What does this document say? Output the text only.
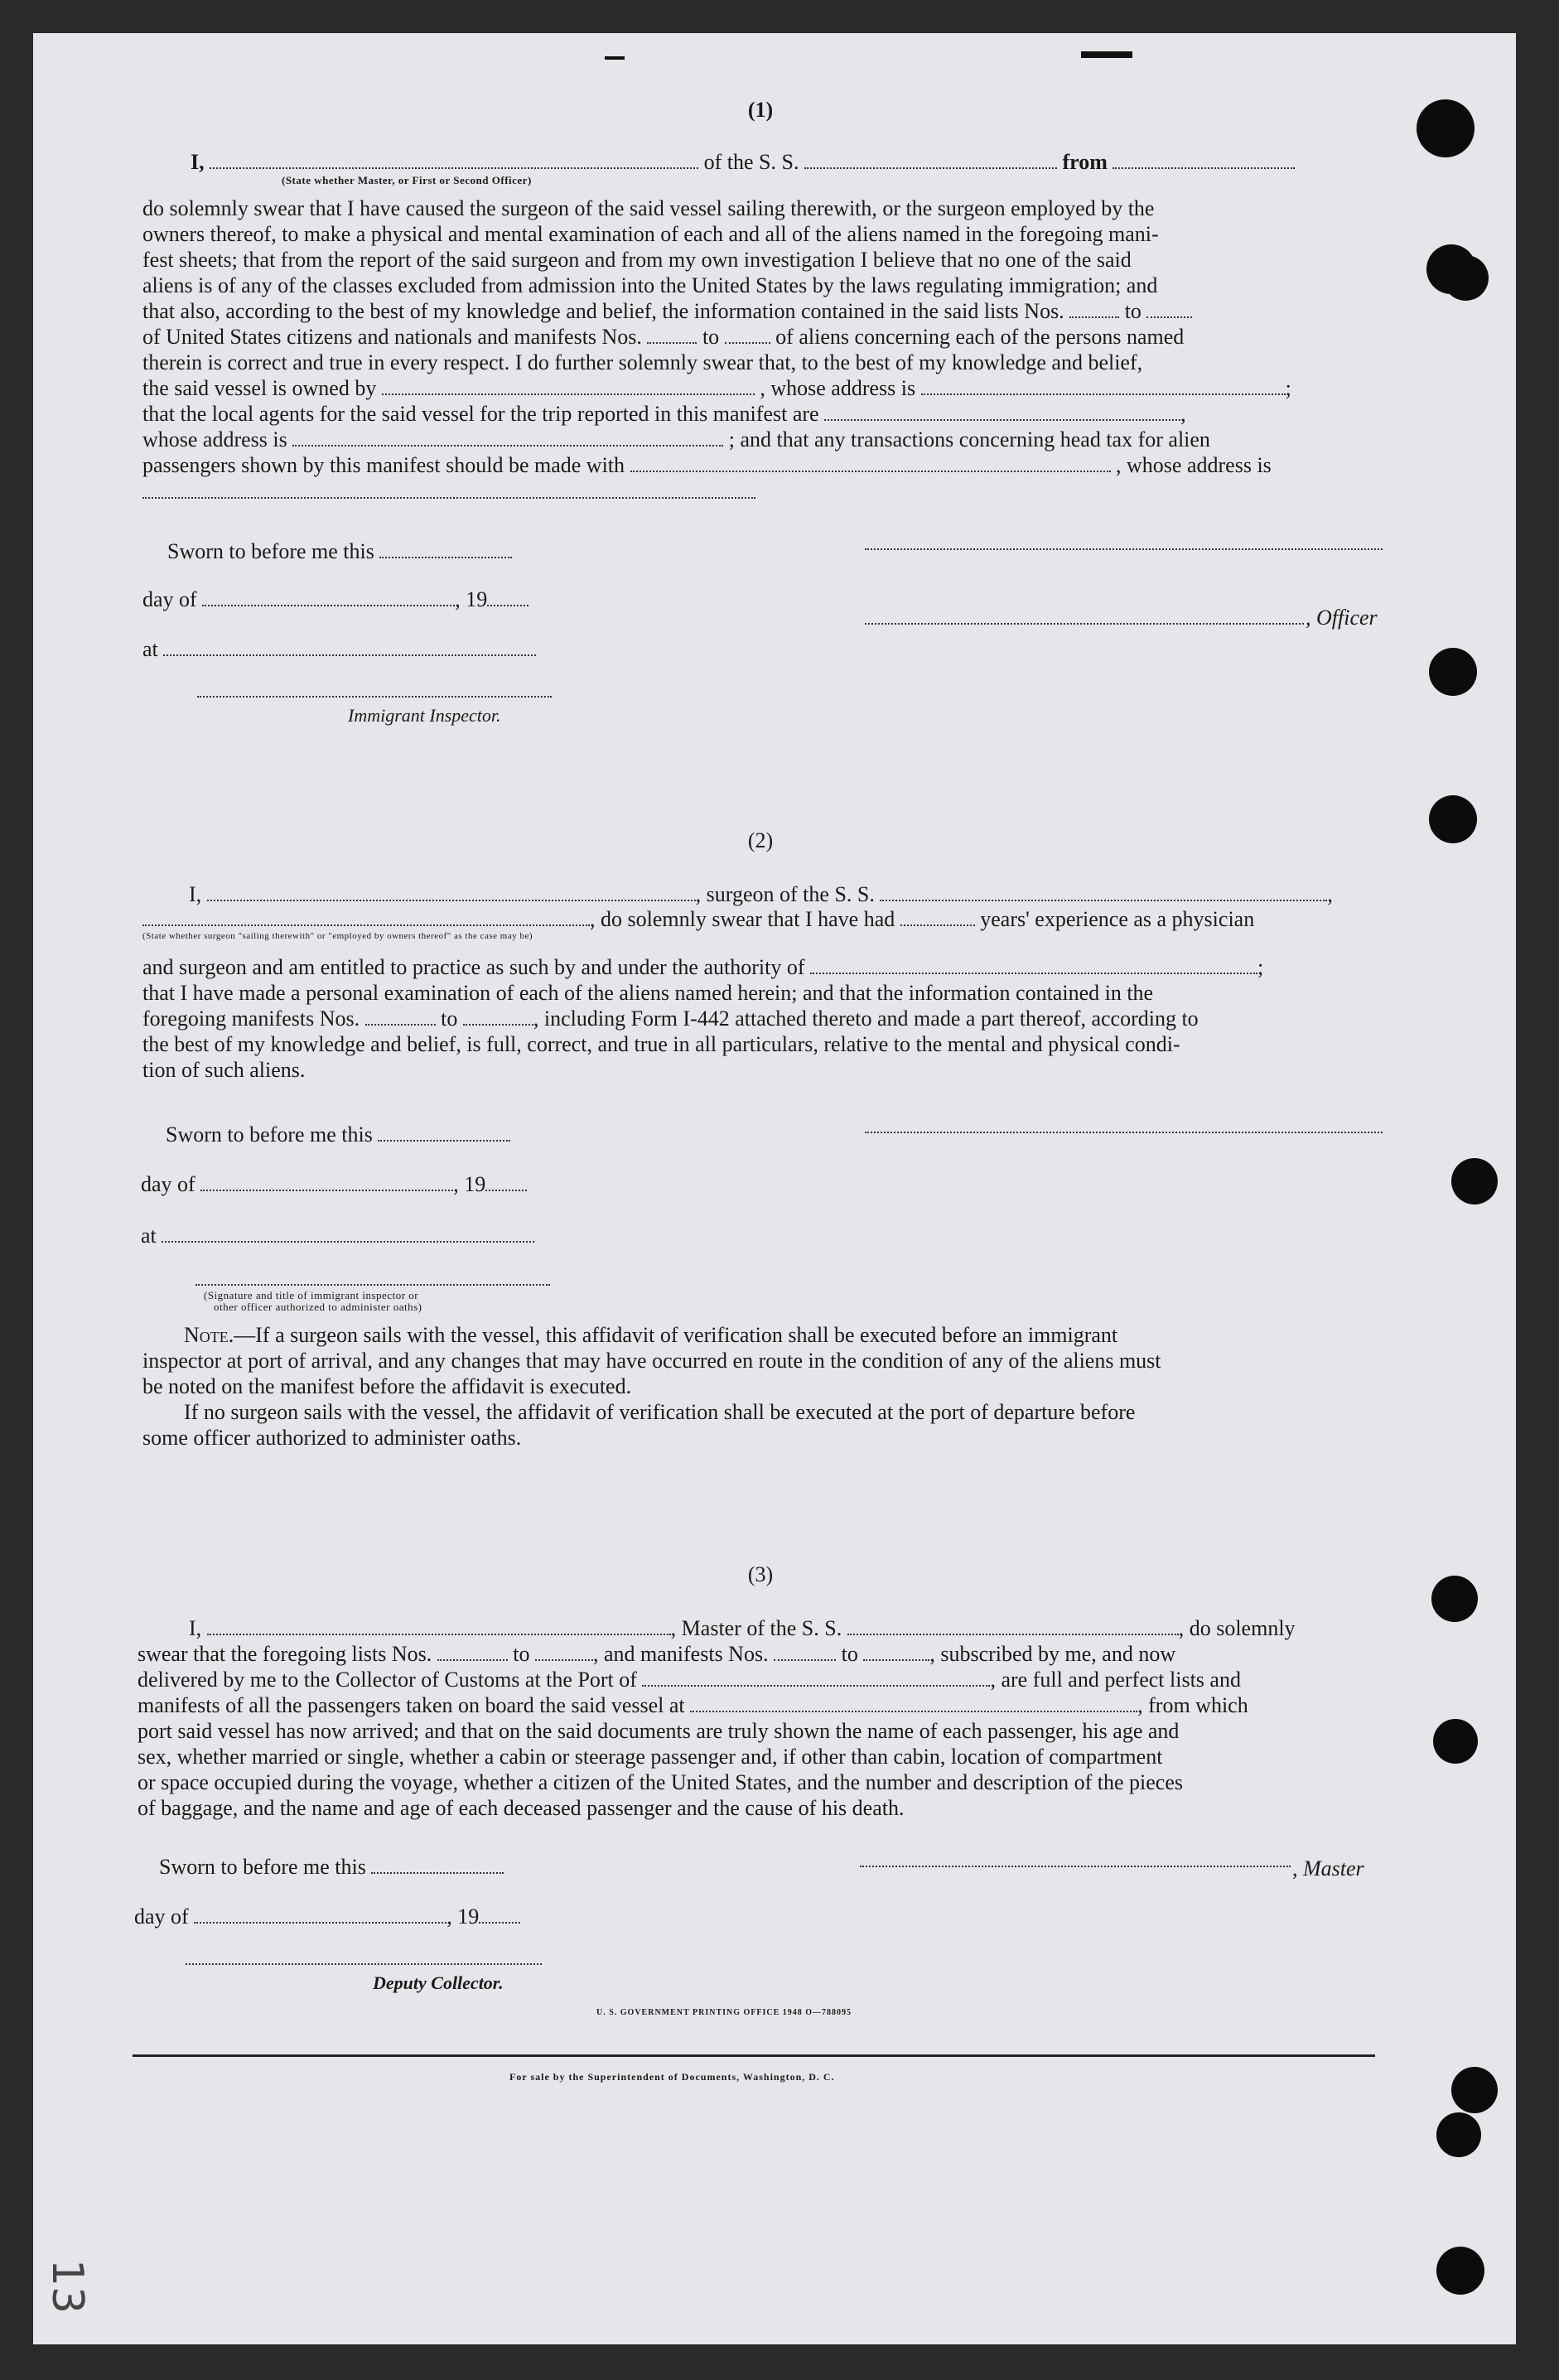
(1)
I,	of the S. S.	from
(State whether Master, or First or Second Officer)
do solemnly swear that I have caused the surgeon of the said vessel sailing therewith, or the surgeon employed by the
owners thereof, to make a physical and mental examination of each and all of the aliens named in the foregoing mani-
fest sheets; that from the report of the said surgeon and from my own investigation I believe that no one of the said
aliens is of any of the classes excluded from admission into the United States by the laws regulating immigration; and
that also, according to the best of my knowledge and belief, the information contained in the said lists Nos.	to
of United States citizens and nationals and manifests Nos.	to	of aliens concerning each of the persons named
therein is correct and true in every respect. I do further solemnly swear that, to the best of my knowledge and belief,
the said vessel is owned by	, whose address is	;
that the local agents for the said vessel for the trip reported in this manifest are	,
whose address is	; and that any transactions concerning head tax for alien
passengers shown by this manifest should be made with	, whose address is
Sworn to before me this
day of	, 19
, Officer
at
Immigrant Inspector.
(2)
I,	, surgeon of the S. S.	,
, do solemnly swear that I have had	years' experience as a physician
(State whether surgeon "sailing therewith" or "employed by owners thereof" as the case may be)
and surgeon and am entitled to practice as such by and under the authority of	;
that I have made a personal examination of each of the aliens named herein; and that the information contained in the
foregoing manifests Nos.	to	, including Form I-442 attached thereto and made a part thereof, according to
the best of my knowledge and belief, is full, correct, and true in all particulars, relative to the mental and physical condi-
tion of such aliens.
Sworn to before me this
day of	, 19
at
(Signature and title of immigrant inspector or
other officer authorized to administer oaths)
Note.—If a surgeon sails with the vessel, this affidavit of verification shall be executed before an immigrant
inspector at port of arrival, and any changes that may have occurred en route in the condition of any of the aliens must
be noted on the manifest before the affidavit is executed.
If no surgeon sails with the vessel, the affidavit of verification shall be executed at the port of departure before
some officer authorized to administer oaths.
(3)
I,	, Master of the S. S.	, do solemnly
swear that the foregoing lists Nos.	to	, and manifests Nos.	to	, subscribed by me, and now
delivered by me to the Collector of Customs at the Port of	, are full and perfect lists and
manifests of all the passengers taken on board the said vessel at	, from which
port said vessel has now arrived; and that on the said documents are truly shown the name of each passenger, his age and
sex, whether married or single, whether a cabin or steerage passenger and, if other than cabin, location of compartment
or space occupied during the voyage, whether a citizen of the United States, and the number and description of the pieces
of baggage, and the name and age of each deceased passenger and the cause of his death.
Sworn to before me this	, Master
day of	, 19
Deputy Collector.
U. S. GOVERNMENT PRINTING OFFICE 1948 O—788095
For sale by the Superintendent of Documents, Washington, D. C.
13
